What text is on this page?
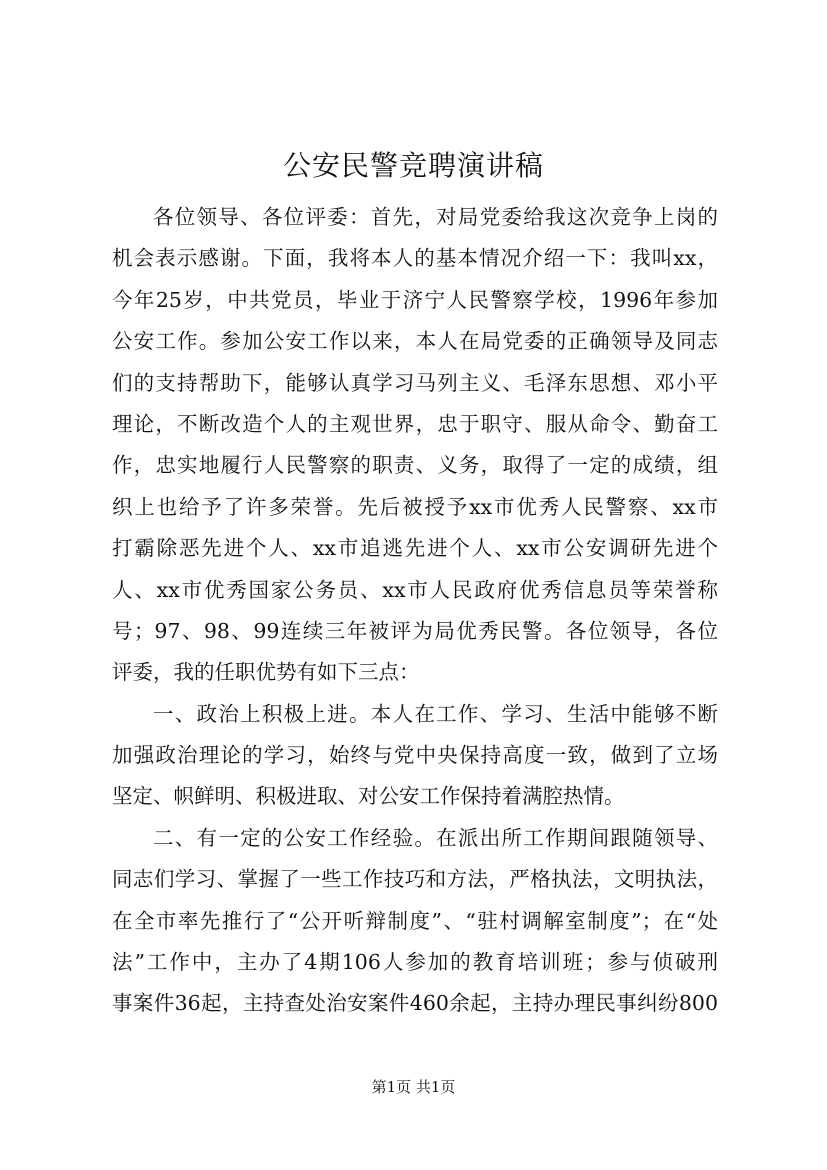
公安民警竞聘演讲稿
各位领导、各位评委：首先，对局党委给我这次竞争上岗的
机会表示感谢。下面，我将本人的基本情况介绍一下：我叫xx，
今年25岁，中共党员，毕业于济宁人民警察学校，1996年参加
公安工作。参加公安工作以来，本人在局党委的正确领导及同志
们的支持帮助下，能够认真学习马列主义、毛泽东思想、邓小平
理论，不断改造个人的主观世界，忠于职守、服从命令、勤奋工
作，忠实地履行人民警察的职责、义务，取得了一定的成绩，组
织上也给予了许多荣誉。先后被授予xx市优秀人民警察、xx市
打霸除恶先进个人、xx市追逃先进个人、xx市公安调研先进个
人、xx市优秀国家公务员、xx市人民政府优秀信息员等荣誉称
号；97、98、99连续三年被评为局优秀民警。各位领导，各位
评委，我的任职优势有如下三点：
一、政治上积极上进。本人在工作、学习、生活中能够不断
加强政治理论的学习，始终与党中央保持高度一致，做到了立场
坚定、帜鲜明、积极进取、对公安工作保持着满腔热情。
二、有一定的公安工作经验。在派出所工作期间跟随领导、
同志们学习、掌握了一些工作技巧和方法，严格执法，文明执法，
在全市率先推行了“公开听辩制度”、“驻村调解室制度”；在“处
法”工作中，主办了4期106人参加的教育培训班；参与侦破刑
事案件36起，主持查处治安案件460余起，主持办理民事纠纷800
第1页 共1页
